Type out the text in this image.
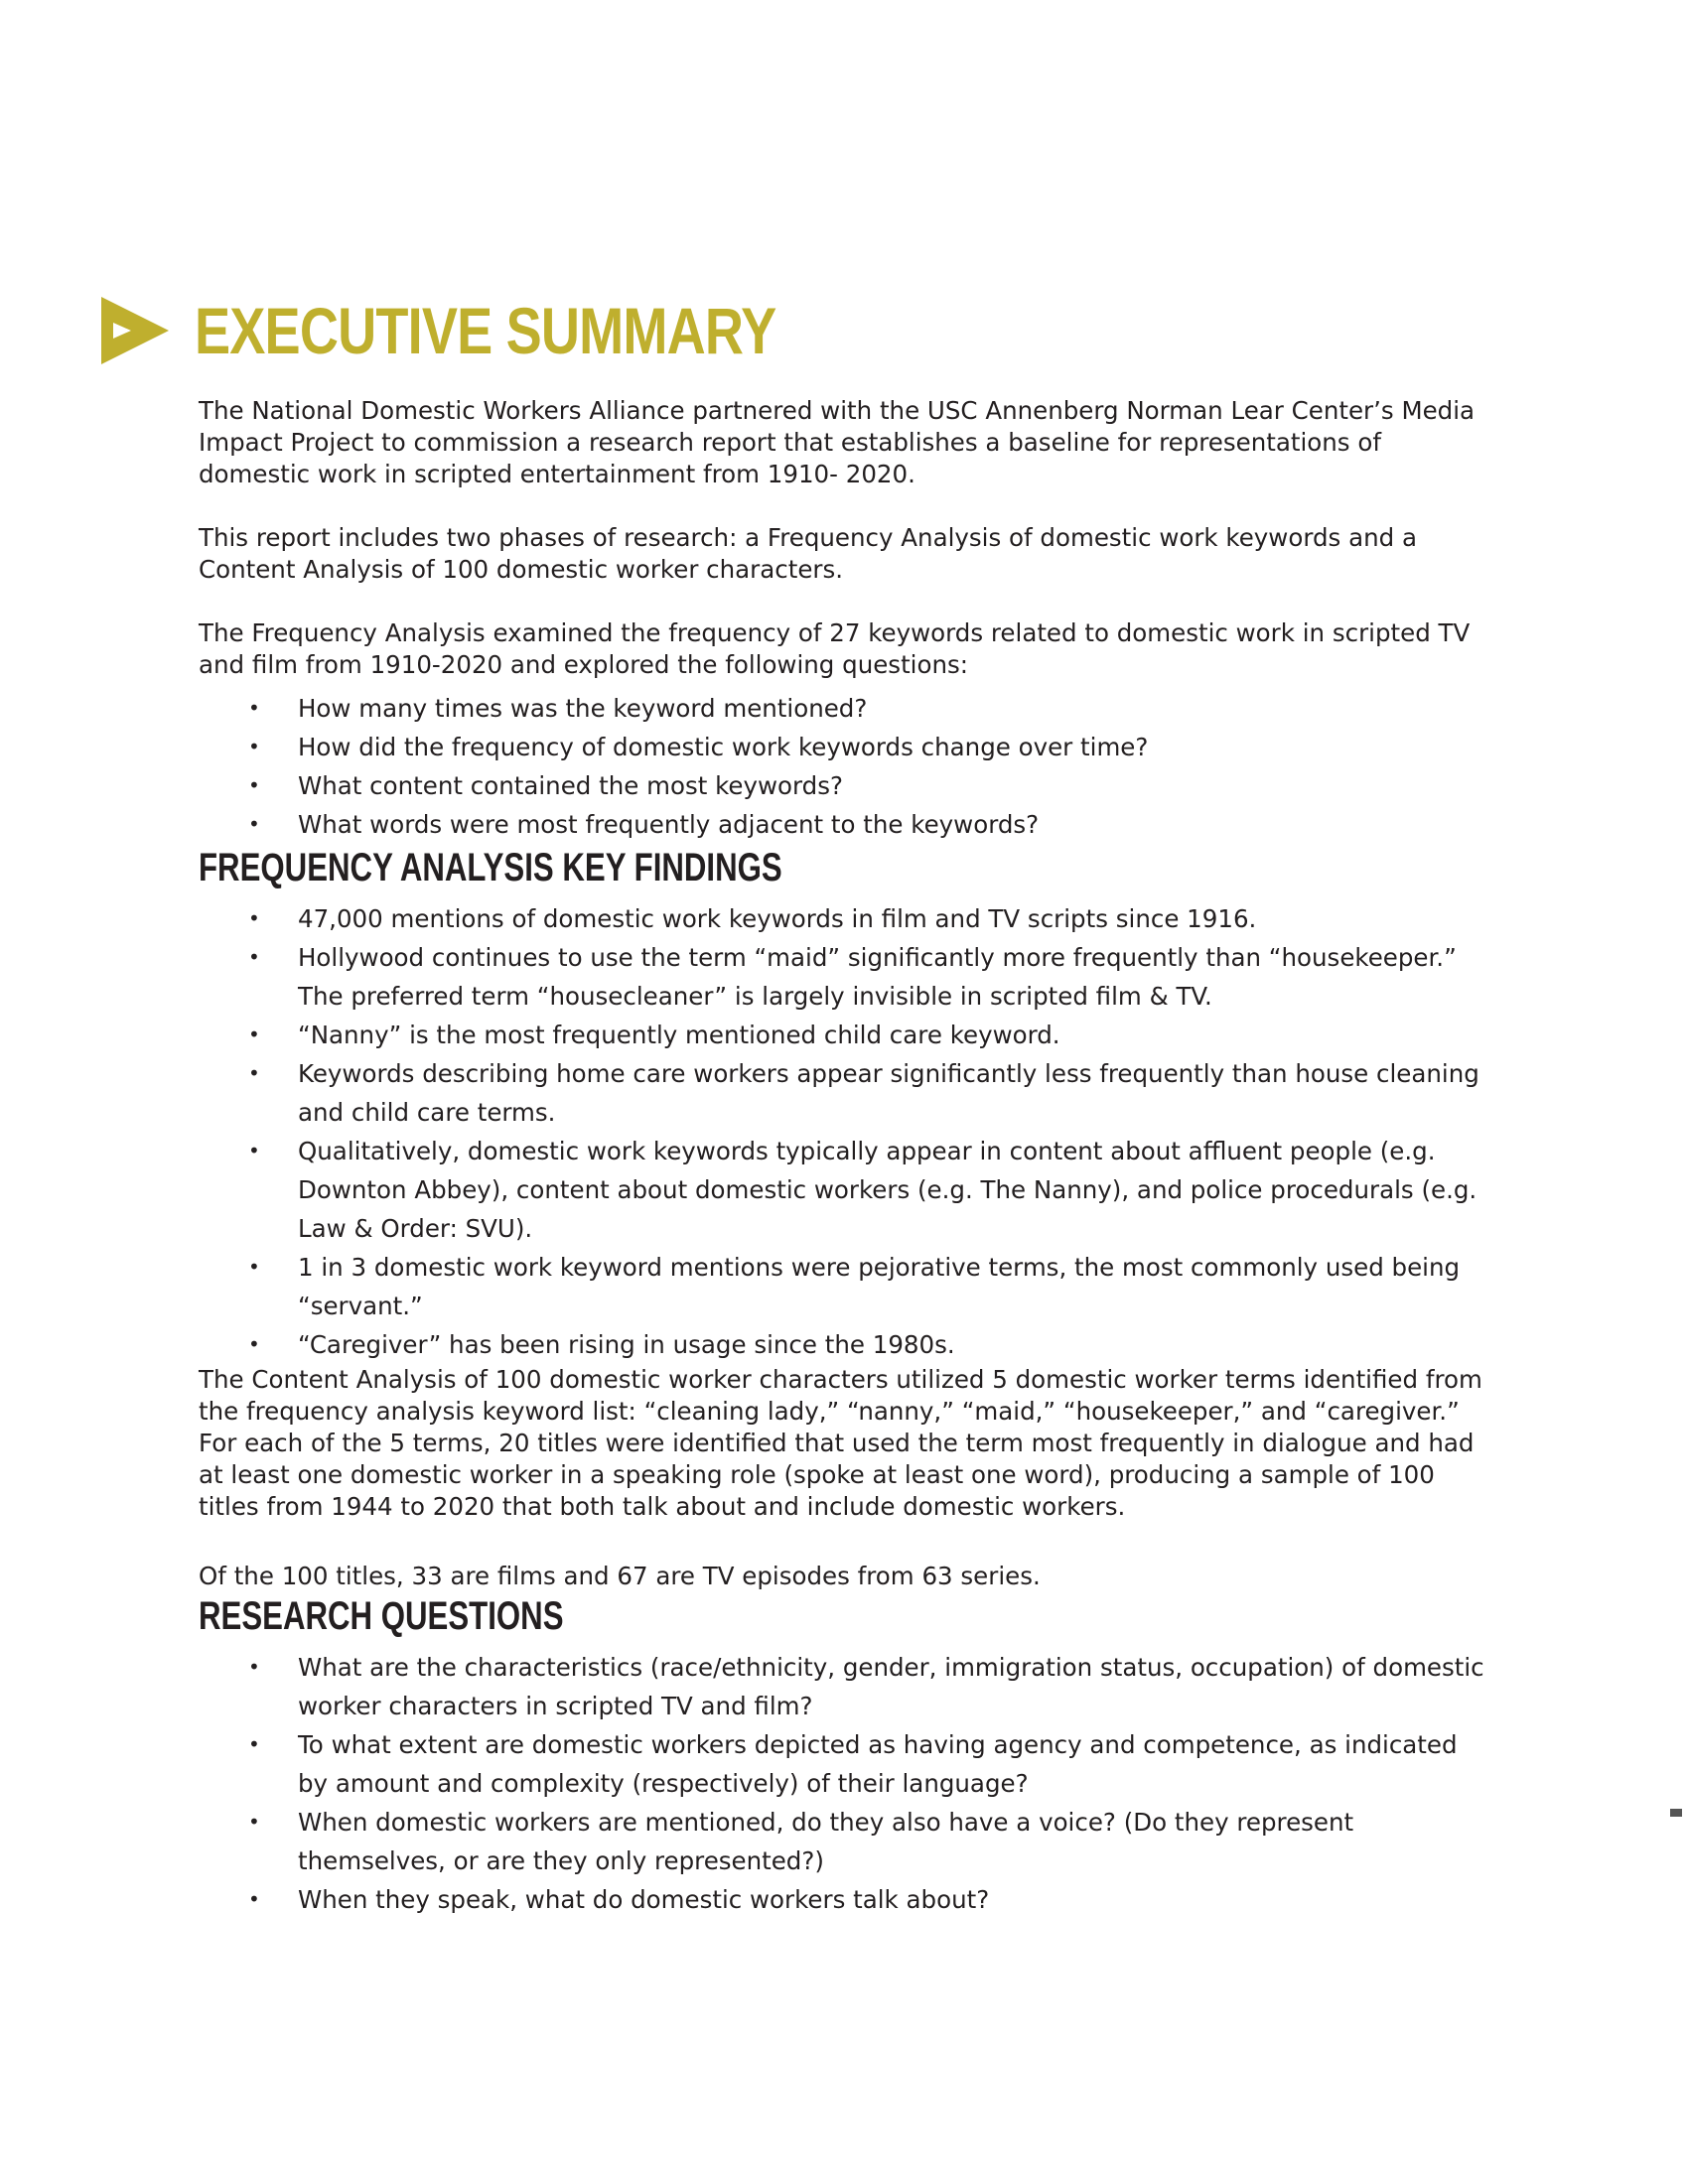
EXECUTIVE SUMMARY

The National Domestic Workers Alliance partnered with the USC Annenberg Norman Lear Center’s Media Impact Project to commission a research report that establishes a baseline for representations of domestic work in scripted entertainment from 1910- 2020.

This report includes two phases of research: a Frequency Analysis of domestic work keywords and a Content Analysis of 100 domestic worker characters.

The Frequency Analysis examined the frequency of 27 keywords related to domestic work in scripted TV and film from 1910-2020 and explored the following questions:

• How many times was the keyword mentioned?
• How did the frequency of domestic work keywords change over time?
• What content contained the most keywords?
• What words were most frequently adjacent to the keywords?
FREQUENCY ANALYSIS KEY FINDINGS
• 47,000 mentions of domestic work keywords in film and TV scripts since 1916.
• Hollywood continues to use the term “maid” significantly more frequently than “housekeeper.” The preferred term “housecleaner” is largely invisible in scripted film & TV.
• “Nanny” is the most frequently mentioned child care keyword.
• Keywords describing home care workers appear significantly less frequently than house cleaning and child care terms.
• Qualitatively, domestic work keywords typically appear in content about affluent people (e.g. Downton Abbey), content about domestic workers (e.g. The Nanny), and police procedurals (e.g. Law & Order: SVU).
• 1 in 3 domestic work keyword mentions were pejorative terms, the most commonly used being “servant.”
• “Caregiver” has been rising in usage since the 1980s.

The Content Analysis of 100 domestic worker characters utilized 5 domestic worker terms identified from the frequency analysis keyword list: “cleaning lady,” “nanny,” “maid,” “housekeeper,” and “caregiver.” For each of the 5 terms, 20 titles were identified that used the term most frequently in dialogue and had at least one domestic worker in a speaking role (spoke at least one word), producing a sample of 100 titles from 1944 to 2020 that both talk about and include domestic workers.

Of the 100 titles, 33 are films and 67 are TV episodes from 63 series.

RESEARCH QUESTIONS
• What are the characteristics (race/ethnicity, gender, immigration status, occupation) of domestic worker characters in scripted TV and film?
• To what extent are domestic workers depicted as having agency and competence, as indicated by amount and complexity (respectively) of their language?
• When domestic workers are mentioned, do they also have a voice? (Do they represent themselves, or are they only represented?)
• When they speak, what do domestic workers talk about?
